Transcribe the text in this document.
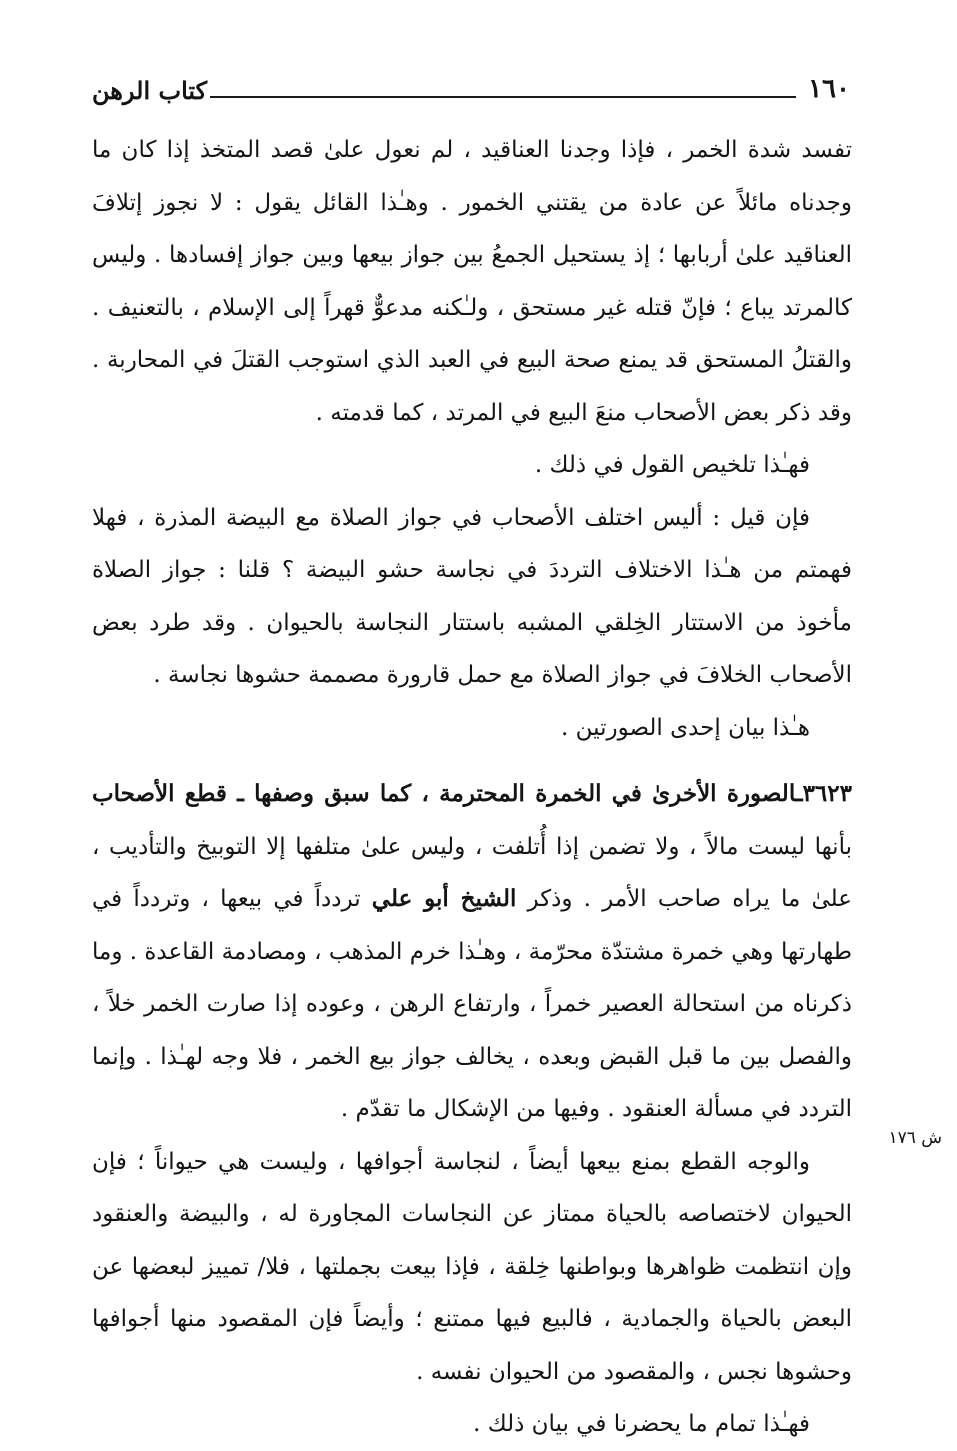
كتاب الرهن	١٦٠

تفسد شدة الخمر ، فإذا وجدنا العناقيد ، لم نعول علىٰ قصد المتخذ إذا كان ما وجدناه مائلاً عن عادة من يقتني الخمور . وهـٰذا القائل يقول : لا نجوز إتلافَ العناقيد علىٰ أربابها ؛ إذ يستحيل الجمعُ بين جواز بيعها وبين جواز إفسادها . وليس كالمرتد يباع ؛ فإنّ قتله غير مستحق ، ولـٰكنه مدعوٌّ قهراً إلى الإسلام ، بالتعنيف . والقتلُ المستحق قد يمنع صحة البيع في العبد الذي استوجب القتلَ في المحاربة . وقد ذكر بعض الأصحاب منعَ البيع في المرتد ، كما قدمته .

فهـٰذا تلخيص القول في ذلك .

فإن قيل : أليس اختلف الأصحاب في جواز الصلاة مع البيضة المذرة ، فهلا فهمتم من هـٰذا الاختلاف الترددَ في نجاسة حشو البيضة ؟ قلنا : جواز الصلاة مأخوذ من الاستتار الخِلقي المشبه باستتار النجاسة بالحيوان . وقد طرد بعض الأصحاب الخلافَ في جواز الصلاة مع حمل قارورة مصممة حشوها نجاسة .

هـٰذا بيان إحدى الصورتين .

٣٦٢٣ـالصورة الأخرىٰ في الخمرة المحترمة ، كما سبق وصفها ـ قطع الأصحاب بأنها ليست مالاً ، ولا تضمن إذا أُتلفت ، وليس علىٰ متلفها إلا التوبيخ والتأديب ، علىٰ ما يراه صاحب الأمر . وذكر الشيخ أبو علي تردداً في بيعها ، وتردداً في طهارتها وهي خمرة مشتدّة محرّمة ، وهـٰذا خرم المذهب ، ومصادمة القاعدة . وما ذكرناه من استحالة العصير خمراً ، وارتفاع الرهن ، وعوده إذا صارت الخمر خلاً ، والفصل بين ما قبل القبض وبعده ، يخالف جواز بيع الخمر ، فلا وجه لهـٰذا . وإنما التردد في مسألة العنقود . وفيها من الإشكال ما تقدّم .

والوجه القطع بمنع بيعها أيضاً ، لنجاسة أجوافها ، وليست هي حيواناً ؛ فإن الحيوان لاختصاصه بالحياة ممتاز عن النجاسات المجاورة له ، والبيضة والعنقود وإن انتظمت ظواهرها وبواطنها خِلقة ، فإذا بيعت بجملتها ، فلا/ تمييز لبعضها عن البعض بالحياة والجمادية ، فالبيع فيها ممتنع ؛ وأيضاً فإن المقصود منها أجوافها وحشوها نجس ، والمقصود من الحيوان نفسه .

فهـٰذا تمام ما يحضرنا في بيان ذلك .

ش ١٧٦
